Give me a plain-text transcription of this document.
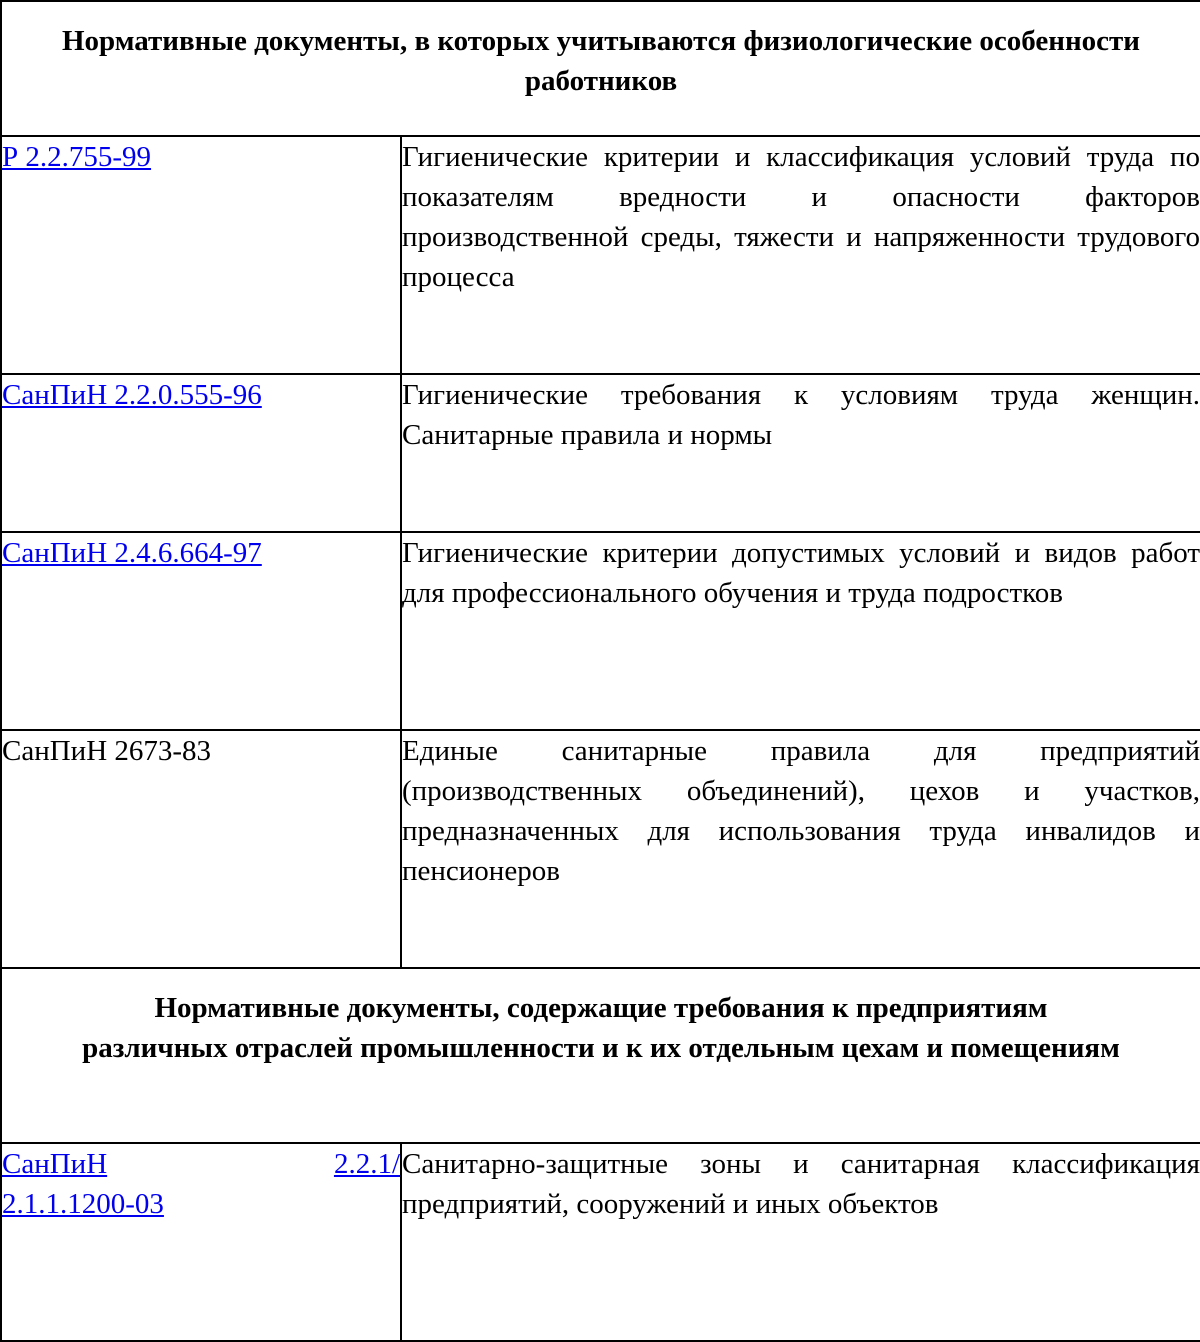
Нормативные документы, в которых учитываются физиологические особенности работников	

Р 2.2.755-99	Гигиенические критерии и классификация условий труда по показателям вредности и опасности факторов производственной среды, тяжести и напряженности трудового процесса
СанПиН 2.2.0.555-96	Гигиенические требования к условиям труда женщин. Санитарные правила и нормы
СанПиН 2.4.6.664-97	Гигиенические критерии допустимых условий и видов работ для профессионального обучения и труда подростков
СанПиН 2673-83	Единые санитарные правила для предприятий (производственных объединений), цехов и участков, предназначенных для использования труда инвалидов и пенсионеров

Нормативные документы, содержащие требования к предприятиям различных отраслей промышленности и к их отдельным цехам и помещениям	

СанПиН 2.2.1/
2.1.1.1200-03	Санитарно-защитные зоны и санитарная классификация предприятий, сооружений и иных объектов
